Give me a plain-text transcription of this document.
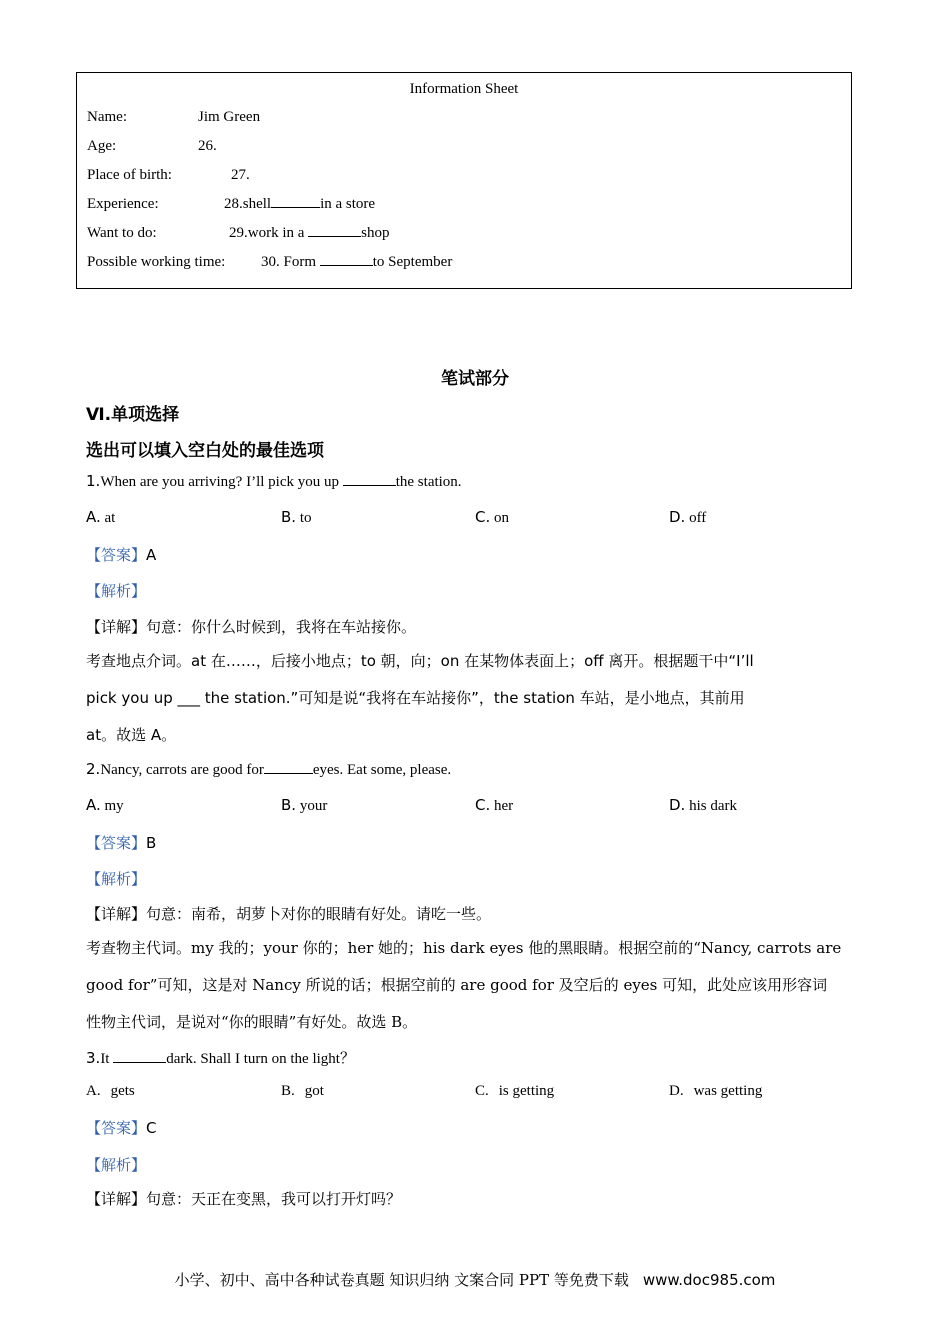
Information Sheet
Name:	Jim Green
Age:	26.
Place of birth:	27.
Experience:	28.shell	in a store
Want to do:	29.work in a	shop
Possible working time: 30. Form	to September
笔试部分
Ⅵ.单项选择
选出可以填入空白处的最佳选项
1.When are you arriving? I’ll pick you up	the station.
A. at	B. to	C. on	D. off
【答案】A
【解析】
【详解】句意：你什么时候到，我将在车站接你。
考查地点介词。at 在……，后接小地点；to 朝，向；on 在某物体表面上；off 离开。根据题干中“I’ll
pick you up ___ the station.”可知是说“我将在车站接你”，the station 车站，是小地点，其前用
at。故选 A。
2.Nancy, carrots are good for	eyes. Eat some, please.
A. my	B. your	C. her	D. his dark
【答案】B
【解析】
【详解】句意：南希，胡萝卜对你的眼睛有好处。请吃一些。
考查物主代词。my 我的；your 你的；her 她的；his dark eyes 他的黑眼睛。根据空前的“Nancy, carrots are
good for”可知，这是对 Nancy 所说的话；根据空前的 are good for 及空后的 eyes 可知，此处应该用形容词
性物主代词，是说对“你的眼睛”有好处。故选 B。
3.It	dark. Shall I turn on the light？
A. gets	B. got	C. is getting	D. was getting
【答案】C
【解析】
【详解】句意：天正在变黑，我可以打开灯吗？
小学、初中、高中各种试卷真题 知识归纳 文案合同 PPT 等免费下载 www.doc985.com
